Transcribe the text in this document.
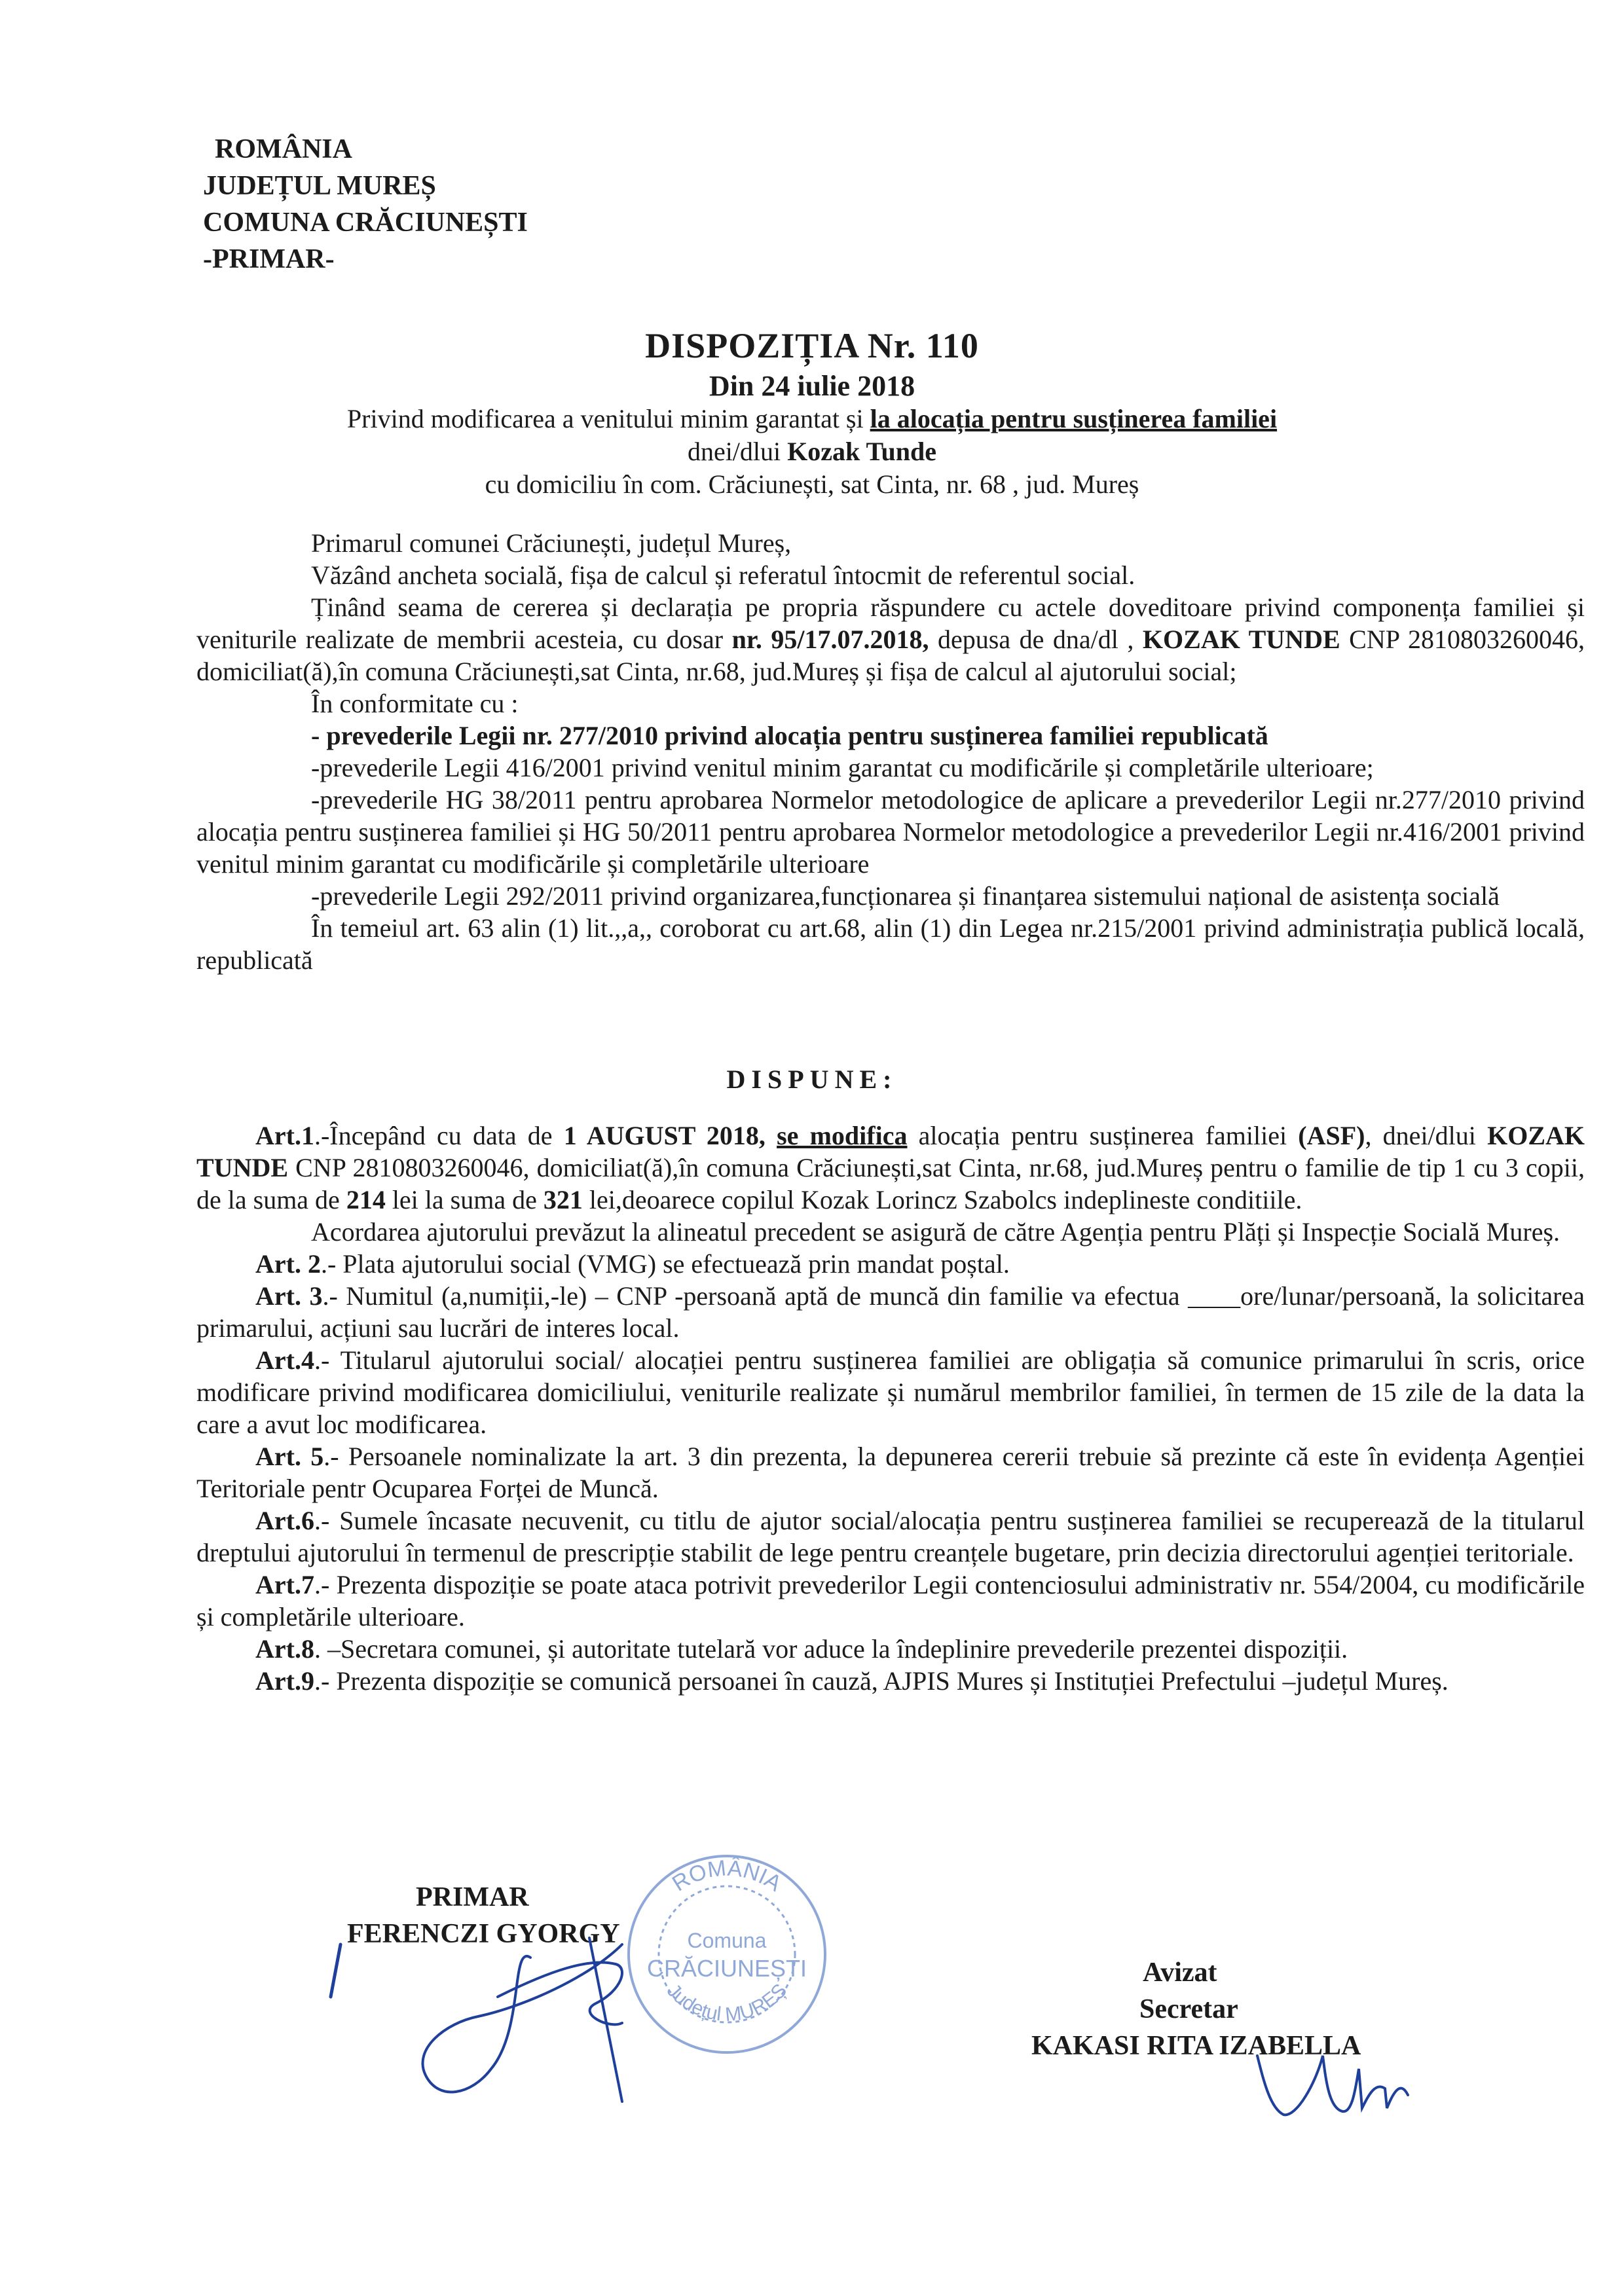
ROMÂNIA
JUDEȚUL MUREȘ
COMUNA CRĂCIUNEȘTI
-PRIMAR-
DISPOZIȚIA Nr. 110
Din 24 iulie 2018
Privind modificarea a venitului minim garantat și la alocația pentru susținerea familiei
dnei/dlui Kozak Tunde
cu domiciliu în com. Crăciunești, sat Cinta, nr. 68 , jud. Mureș

Primarul comunei Crăciunești, județul Mureș,

Văzând ancheta socială, fișa de calcul și referatul întocmit de referentul social.

Ținând seama de cererea și declarația pe propria răspundere cu actele doveditoare privind componența familiei și veniturile realizate de membrii acesteia, cu dosar nr. 95/17.07.2018, depusa de dna/dl , KOZAK TUNDE CNP 2810803260046, domiciliat(ă),în comuna Crăciunești,sat Cinta, nr.68, jud.Mureș și fișa de calcul al ajutorului social;

În conformitate cu :

- prevederile Legii nr. 277/2010 privind alocația pentru susținerea familiei republicată

-prevederile Legii 416/2001 privind venitul minim garantat cu modificările și completările ulterioare;

-prevederile HG 38/2011 pentru aprobarea Normelor metodologice de aplicare a prevederilor Legii nr.277/2010 privind alocația pentru susținerea familiei și HG 50/2011 pentru aprobarea Normelor metodologice a prevederilor Legii nr.416/2001 privind venitul minim garantat cu modificările și completările ulterioare

-prevederile Legii 292/2011 privind organizarea,funcționarea și finanțarea sistemului național de asistența socială

În temeiul art. 63 alin (1) lit.,,a,, coroborat cu art.68, alin (1) din Legea nr.215/2001 privind administrația publică locală, republicată

DISPUNE:

Art.1.-Începând cu data de 1 AUGUST 2018, se modifica alocația pentru susținerea familiei (ASF), dnei/dlui KOZAK TUNDE CNP 2810803260046, domiciliat(ă),în comuna Crăciunești,sat Cinta, nr.68, jud.Mureș pentru o familie de tip 1 cu 3 copii, de la suma de 214 lei la suma de 321 lei,deoarece copilul Kozak Lorincz Szabolcs indeplineste conditiile.

Acordarea ajutorului prevăzut la alineatul precedent se asigură de către Agenția pentru Plăți și Inspecție Socială Mureș.

Art. 2.- Plata ajutorului social (VMG) se efectuează prin mandat poștal.

Art. 3.- Numitul (a,numiții,-le) – CNP -persoană aptă de muncă din familie va efectua ____ore/lunar/persoană, la solicitarea primarului, acțiuni sau lucrări de interes local.

Art.4.- Titularul ajutorului social/ alocației pentru susținerea familiei are obligația să comunice primarului în scris, orice modificare privind modificarea domiciliului, veniturile realizate și numărul membrilor familiei, în termen de 15 zile de la data la care a avut loc modificarea.

Art. 5.- Persoanele nominalizate la art. 3 din prezenta, la depunerea cererii trebuie să prezinte că este în evidența Agenției Teritoriale pentr Ocuparea Forței de Muncă.

Art.6.- Sumele încasate necuvenit, cu titlu de ajutor social/alocația pentru susținerea familiei se recuperează de la titularul dreptului ajutorului în termenul de prescripție stabilit de lege pentru creanțele bugetare, prin decizia directorului agenției teritoriale.

Art.7.- Prezenta dispoziție se poate ataca potrivit prevederilor Legii contenciosului administrativ nr. 554/2004, cu modificările și completările ulterioare.

Art.8. –Secretara comunei, și autoritate tutelară vor aduce la îndeplinire prevederile prezentei dispoziții.

Art.9.- Prezenta dispoziție se comunică persoanei în cauză, AJPIS Mures și Instituției Prefectului –județul Mureș.

PRIMAR
FERENCZI GYORGY
ROMÂNIA
Comuna
CRĂCIUNEȘTI
Județul MUREȘ
Avizat
Secretar
KAKASI RITA IZABELLA
